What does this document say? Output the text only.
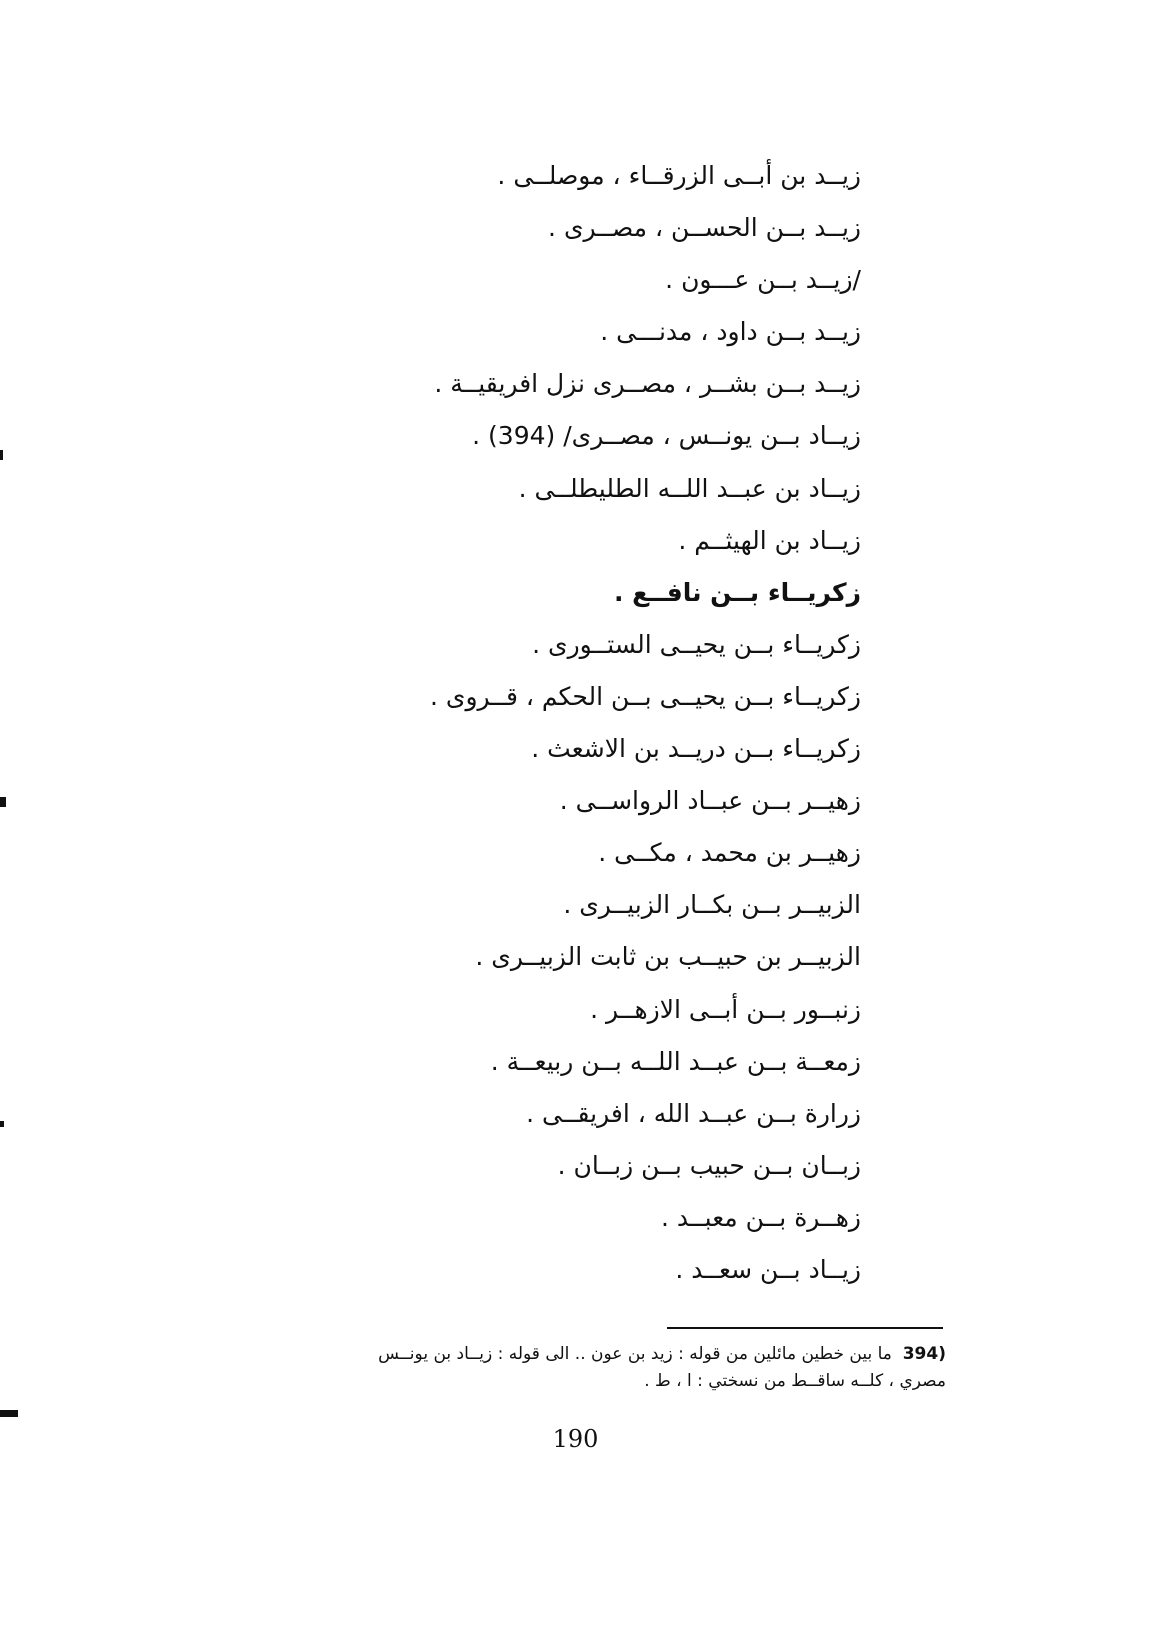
زيــد بن أبــى الزرقــاء ، موصلــى .
زيــد بــن الحســن ، مصــرى .
/زيــد بــن عـــون .
زيــد بــن داود ، مدنـــى .
زيــد بــن بشــر ، مصــرى نزل افريقيــة .
زيــاد بــن يونــس ، مصــرى/ (394) .
زيــاد بن عبــد اللــه الطليطلــى .
زيــاد بن الهيثــم .
زكريــاء بــن نافــع .
زكريــاء بــن يحيــى الستــورى .
زكريــاء بــن يحيــى بــن الحكم ، قــروى .
زكريــاء بــن دريــد بن الاشعث .
زهيــر بــن عبــاد الرواســى .
زهيــر بن محمد ، مكــى .
الزبيــر بــن بكــار الزبيــرى .
الزبيــر بن حبيــب بن ثابت الزبيــرى .
زنبــور بــن أبــى الازهــر .
زمعــة بــن عبــد اللــه بــن ربيعــة .
زرارة بــن عبــد الله ، افريقــى .
زبــان بــن حبيب بــن زبــان .
زهــرة بــن معبــد .
زيــاد بــن سعــد .
(394  ما بين خطين مائلين من قوله : زيد بن عون .. الى قوله : زيــاد بن يونــس
مصري ، كلــه ساقــط من نسختي : ا ، ط .
190
